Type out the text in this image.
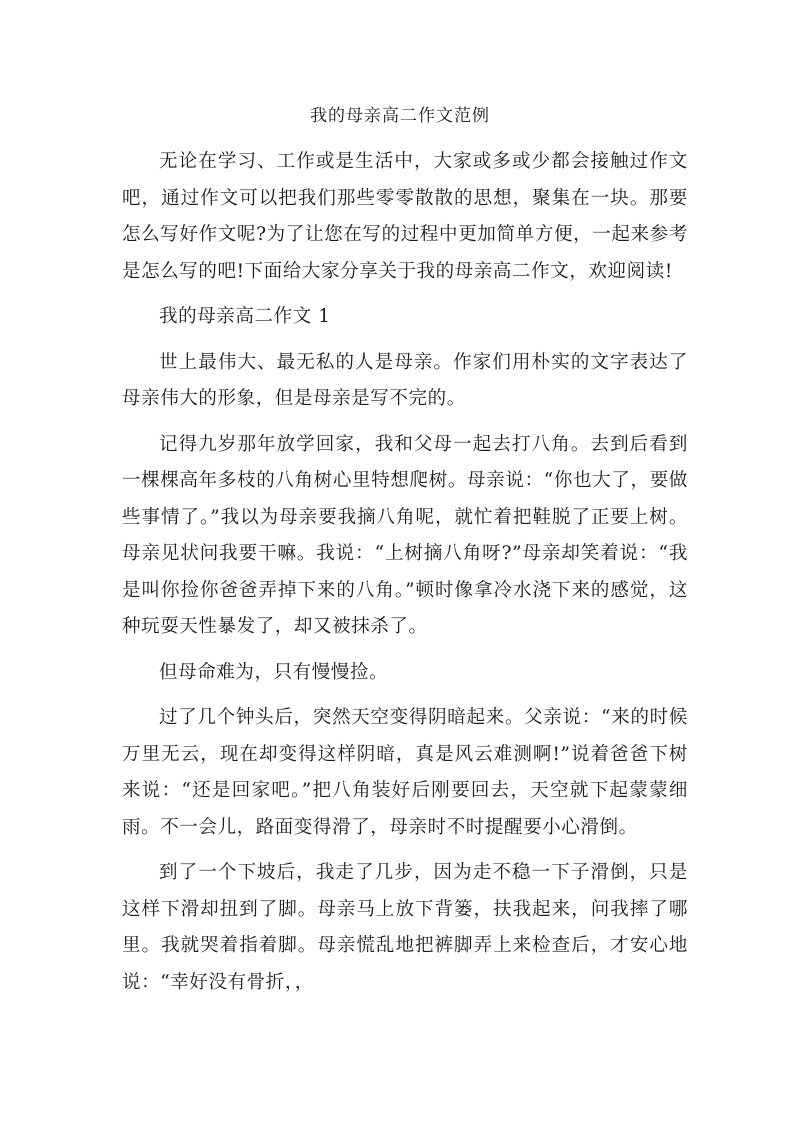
我的母亲高二作文范例

无论在学习、工作或是生活中，大家或多或少都会接触过作文吧，通过作文可以把我们那些零零散散的思想，聚集在一块。那要怎么写好作文呢?为了让您在写的过程中更加简单方便，一起来参考是怎么写的吧!下面给大家分享关于我的母亲高二作文，欢迎阅读!

我的母亲高二作文 1

世上最伟大、最无私的人是母亲。作家们用朴实的文字表达了母亲伟大的形象，但是母亲是写不完的。

记得九岁那年放学回家，我和父母一起去打八角。去到后看到一棵棵高年多枝的八角树心里特想爬树。母亲说：“你也大了，要做些事情了。”我以为母亲要我摘八角呢，就忙着把鞋脱了正要上树。母亲见状问我要干嘛。我说：“上树摘八角呀?”母亲却笑着说：“我是叫你捡你爸爸弄掉下来的八角。”顿时像拿冷水浇下来的感觉，这种玩耍天性暴发了，却又被抹杀了。

但母命难为，只有慢慢捡。

过了几个钟头后，突然天空变得阴暗起来。父亲说：“来的时候万里无云，现在却变得这样阴暗，真是风云难测啊!”说着爸爸下树来说：“还是回家吧。”把八角装好后刚要回去，天空就下起蒙蒙细雨。不一会儿，路面变得滑了，母亲时不时提醒要小心滑倒。

到了一个下坡后，我走了几步，因为走不稳一下子滑倒，只是这样下滑却扭到了脚。母亲马上放下背篓，扶我起来，问我摔了哪里。我就哭着指着脚。母亲慌乱地把裤脚弄上来检查后，才安心地说：“幸好没有骨折，，
